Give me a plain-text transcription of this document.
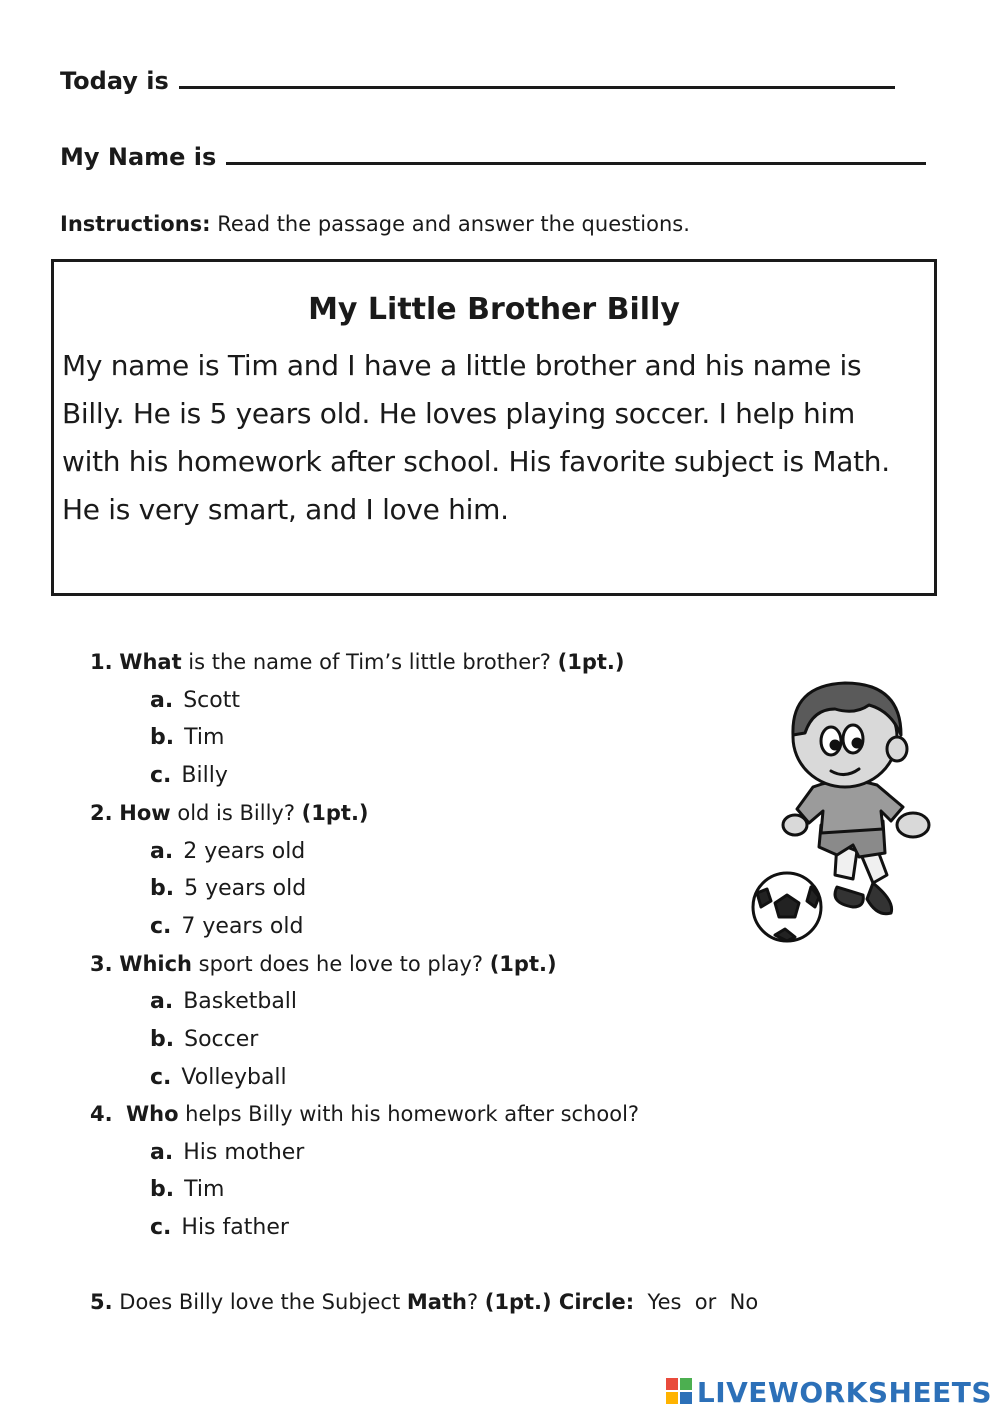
Today is
My Name is
Instructions: Read the passage and answer the questions.
My Little Brother Billy
My name is Tim and I have a little brother and his name is
Billy. He is 5 years old. He loves playing soccer. I help him
with his homework after school. His favorite subject is Math.
He is very smart, and I love him.
1. What is the name of Tim’s little brother? (1pt.)
a. Scott
b. Tim
c. Billy
2. How old is Billy? (1pt.)
a. 2 years old
b. 5 years old
c. 7 years old
3. Which sport does he love to play? (1pt.)
a. Basketball
b. Soccer
c. Volleyball
4. Who helps Billy with his homework after school?
a. His mother
b. Tim
c. His father
5. Does Billy love the Subject Math? (1pt.) Circle:  Yes  or  No
LIVEWORKSHEETS
